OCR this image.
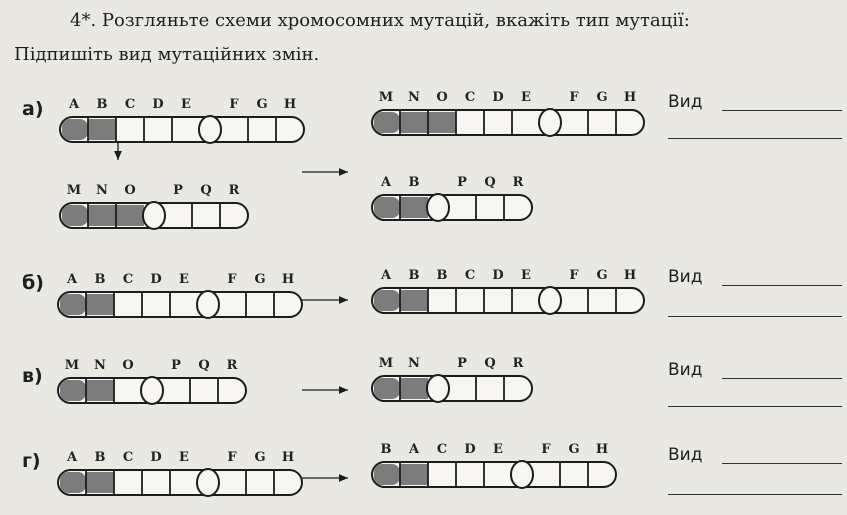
4*. Розгляньте схеми хромосомних мутацій, вкажіть тип мутації:
Підпишіть вид мутаційних змін.
а)
б)
в)
г)
Вид
Вид
Вид
Вид
A B C D E	F G H
M N O	P Q R
M N O C D E	F G H
A B	P Q R
A B C D E	F G H	A B B C D E	F G H
M N O	P Q R	M N	P Q R
A B C D E	F G H
B A C D E	F G H
